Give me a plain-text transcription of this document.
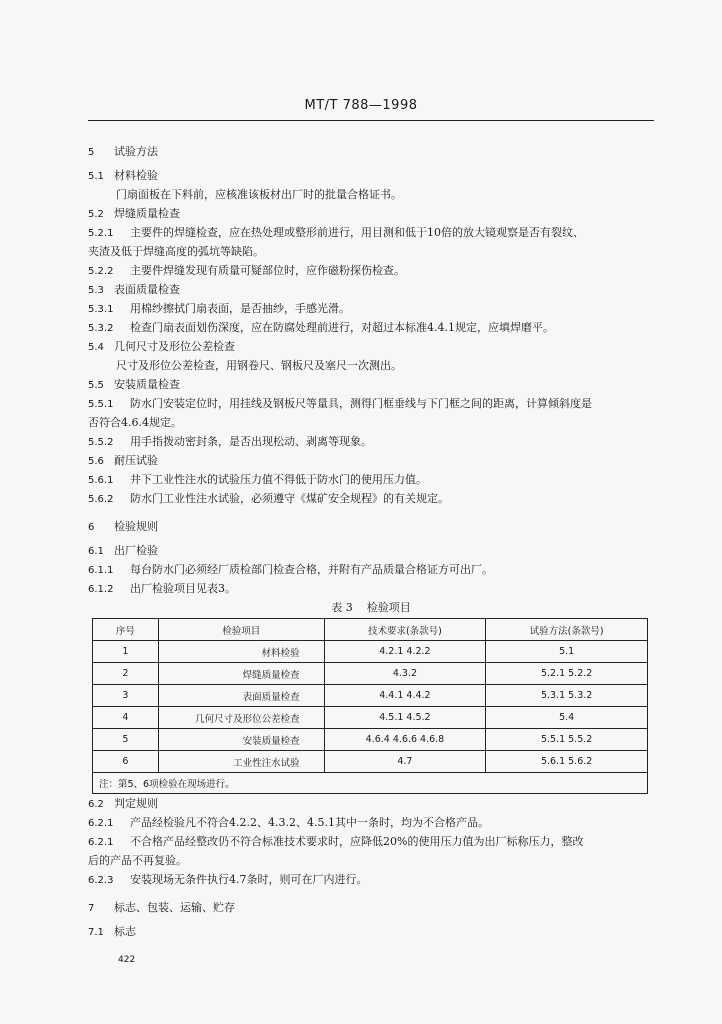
MT/T 788—1998
5 试验方法
5.1 材料检验
门扇面板在下料前，应核准该板材出厂时的批量合格证书。
5.2 焊缝质量检查
5.2.1 主要件的焊缝检查，应在热处理或整形前进行，用目测和低于10倍的放大镜观察是否有裂纹、
夹渣及低于焊缝高度的弧坑等缺陷。
5.2.2 主要件焊缝发现有质量可疑部位时，应作磁粉探伤检查。
5.3 表面质量检查
5.3.1 用棉纱擦拭门扇表面，是否抽纱，手感光滑。
5.3.2 检查门扇表面划伤深度，应在防腐处理前进行，对超过本标准4.4.1规定，应填焊磨平。
5.4 几何尺寸及形位公差检查
尺寸及形位公差检查，用钢卷尺、钢板尺及塞尺一次测出。
5.5 安装质量检查
5.5.1 防水门安装定位时，用挂线及钢板尺等量具，测得门框垂线与下门框之间的距离，计算倾斜度是
否符合4.6.4规定。
5.5.2 用手指拨动密封条，是否出现松动、剥离等现象。
5.6 耐压试验
5.6.1 井下工业性注水的试验压力值不得低于防水门的使用压力值。
5.6.2 防水门工业性注水试验，必须遵守《煤矿安全规程》的有关规定。
6 检验规则
6.1 出厂检验
6.1.1 每台防水门必须经厂质检部门检查合格，并附有产品质量合格证方可出厂。
6.1.2 出厂检验项目见表3。
表 3 检验项目
序号	检验项目	技术要求(条款号)	试验方法(条款号)
1	材料检验	4.2.1 4.2.2	5.1
2	焊缝质量检查	4.3.2	5.2.1 5.2.2
3	表面质量检查	4.4.1 4.4.2	5.3.1 5.3.2
4	几何尺寸及形位公差检查	4.5.1 4.5.2	5.4
5	安装质量检查	4.6.4 4.6.6 4.6.8	5.5.1 5.5.2
6	工业性注水试验	4.7	5.6.1 5.6.2
注：第5、6项检验在现场进行。			
6.2 判定规则
6.2.1 产品经检验凡不符合4.2.2、4.3.2、4.5.1其中一条时，均为不合格产品。
6.2.1 不合格产品经整改仍不符合标准技术要求时，应降低20%的使用压力值为出厂标称压力，整改
后的产品不再复验。
6.2.3 安装现场无条件执行4.7条时，则可在厂内进行。
7 标志、包装、运输、贮存
7.1 标志
422
